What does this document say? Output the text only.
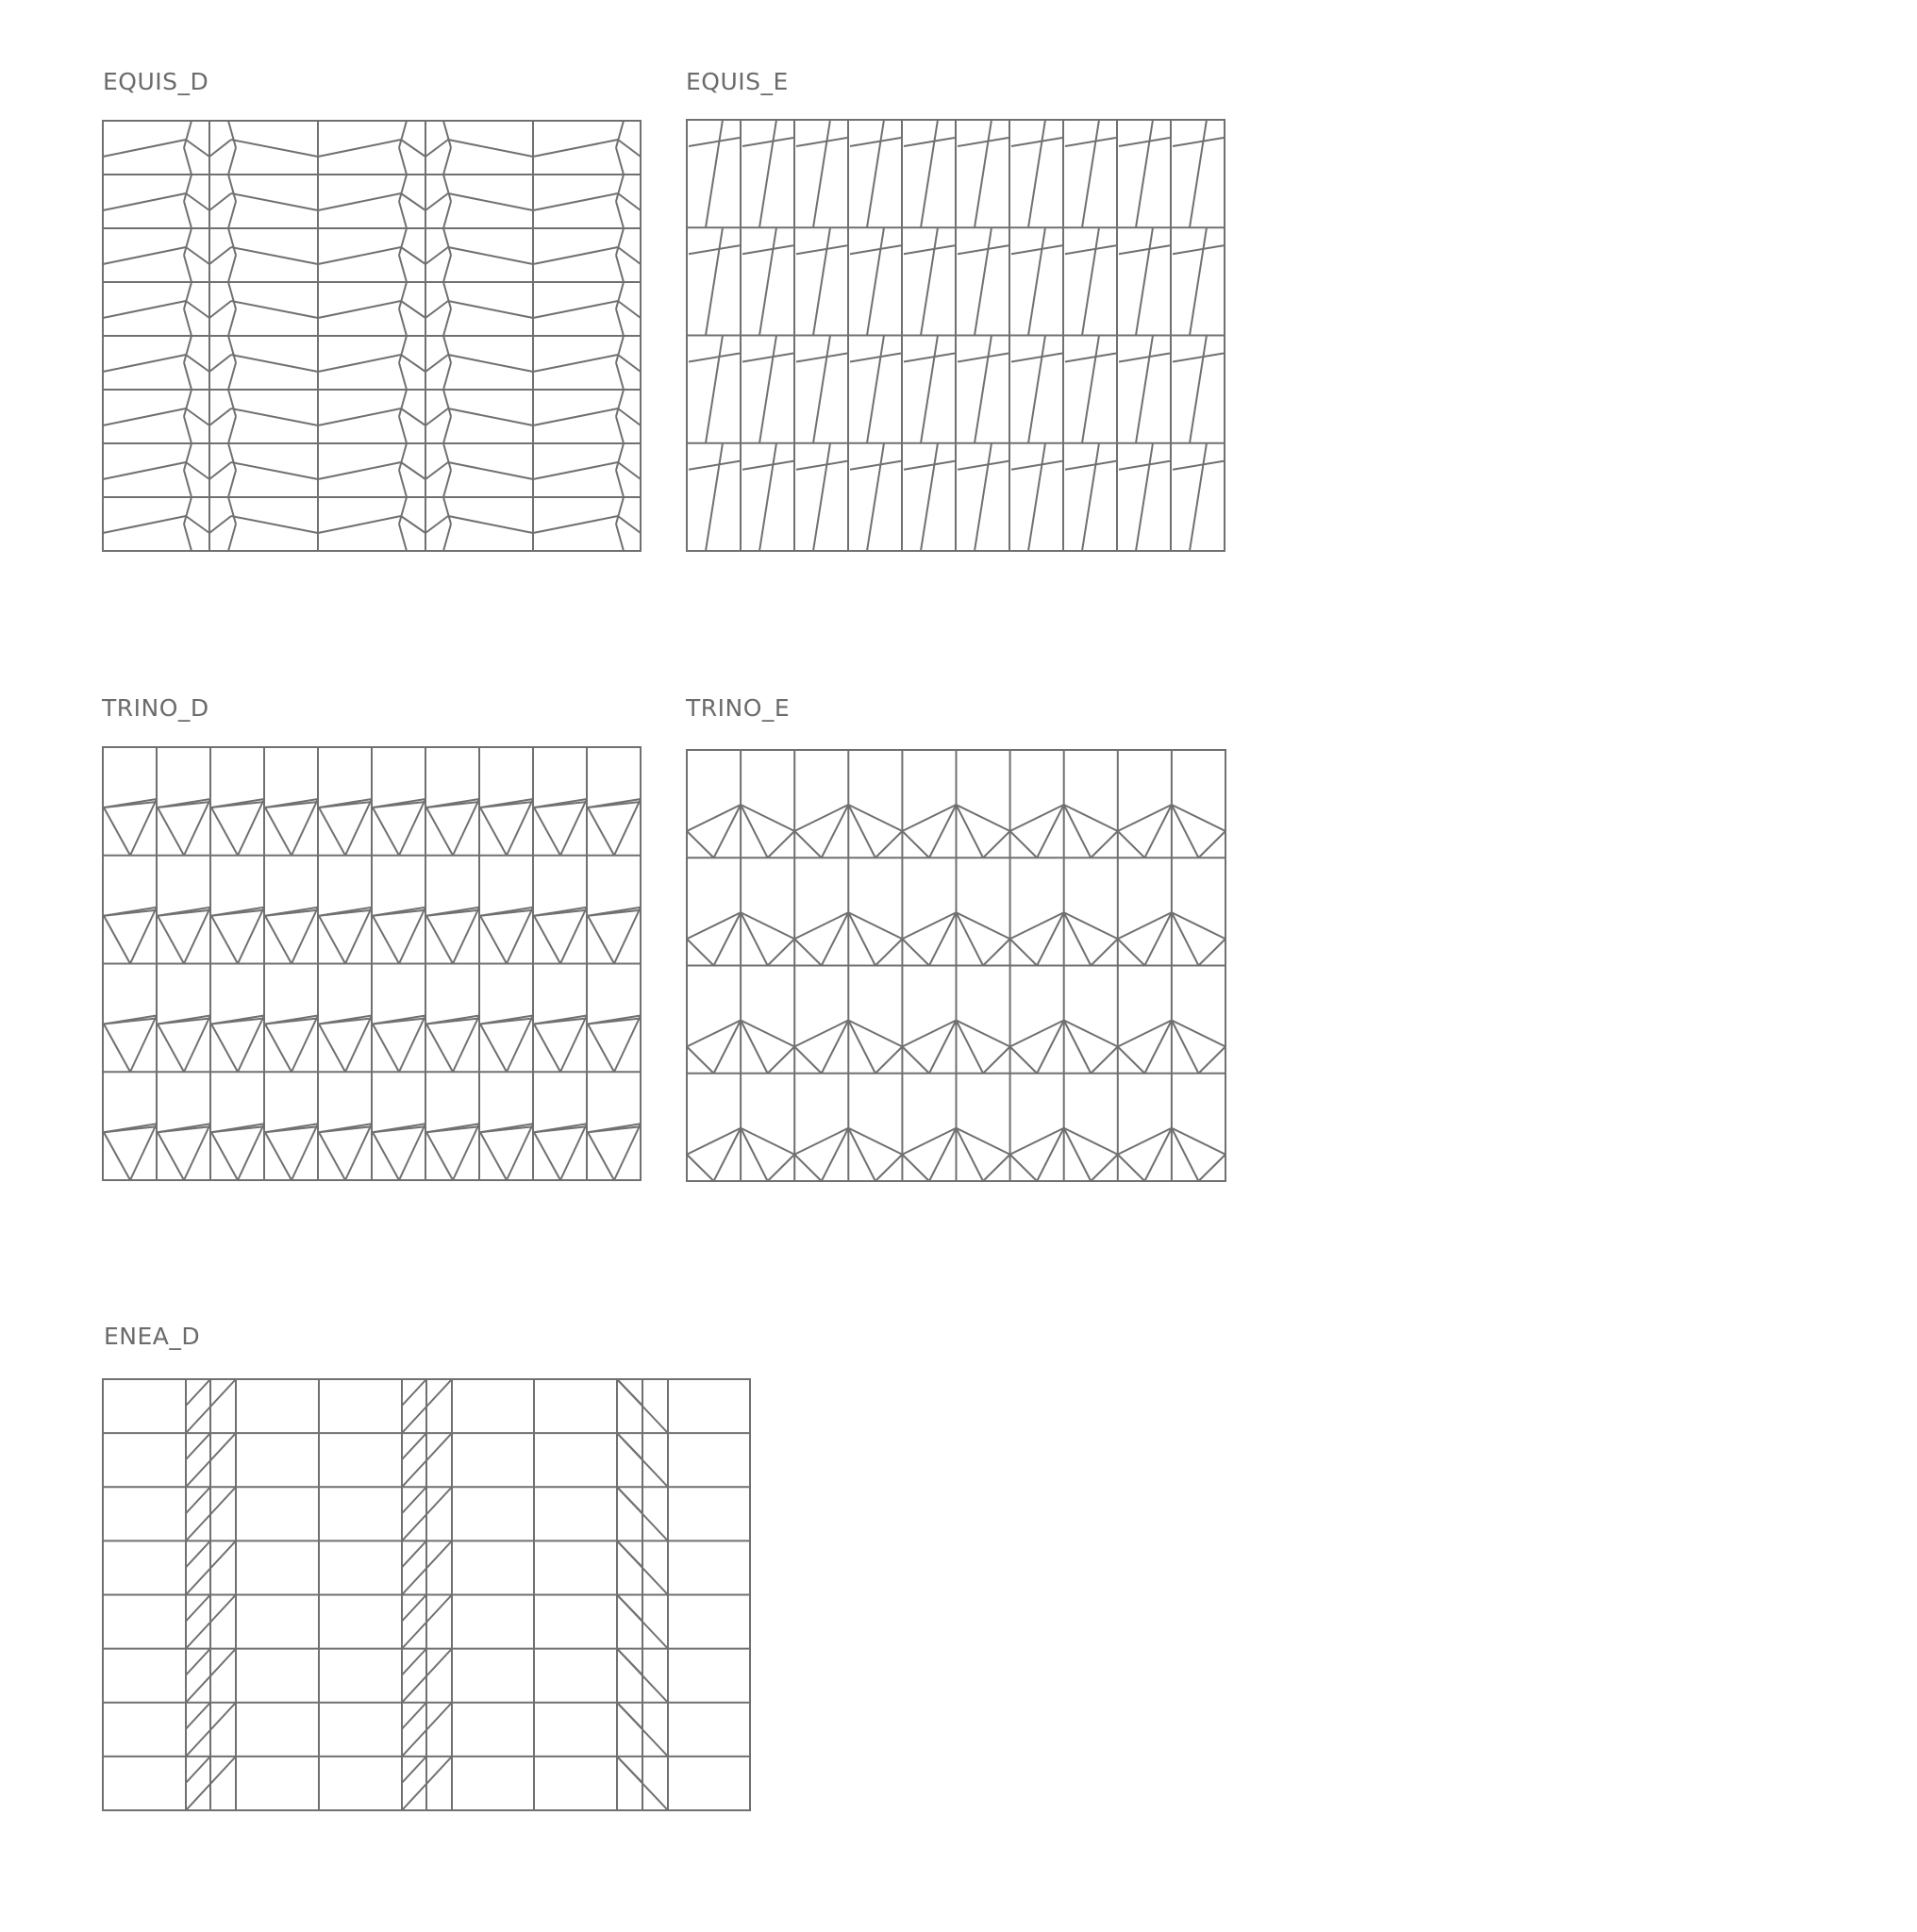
EQUIS_D	EQUIS_E
TRINO_D	TRINO_E
ENEA_D
